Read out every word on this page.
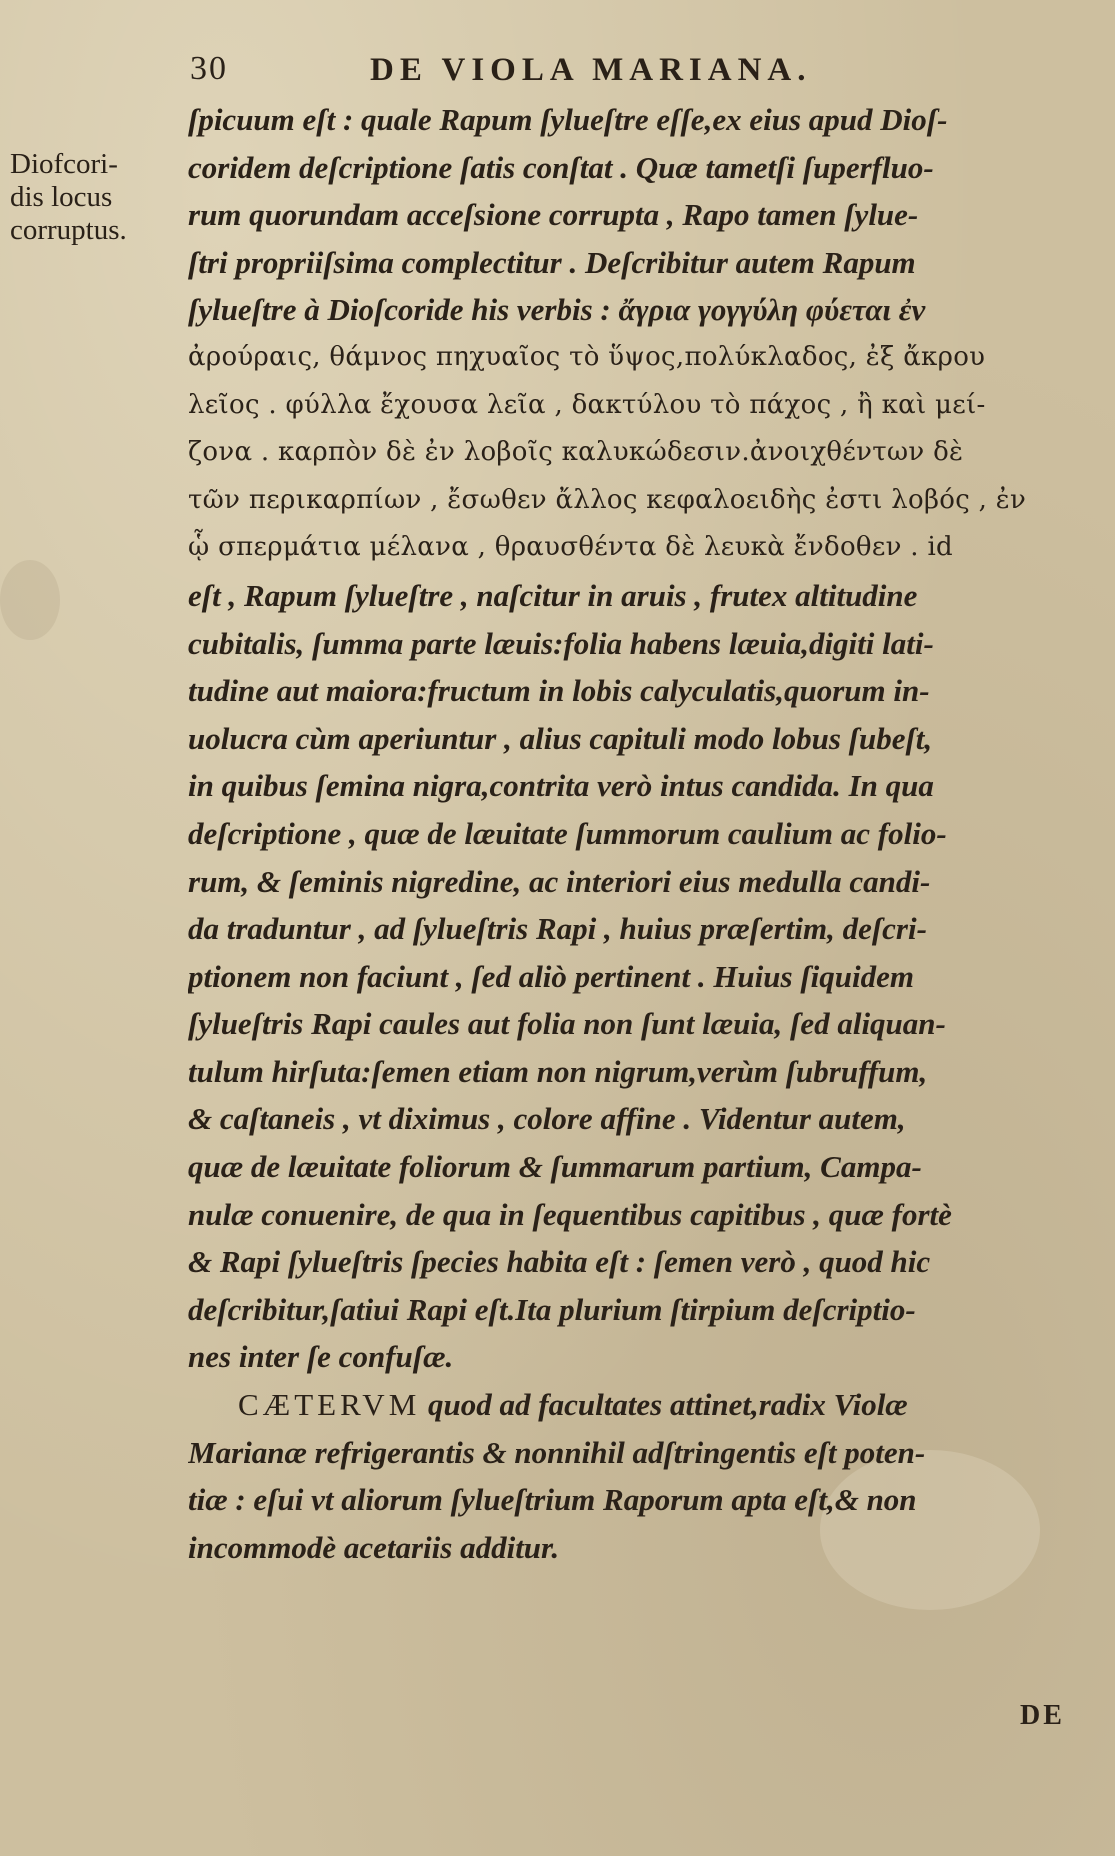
30	DE VIOLA MARIANA.
Diofcori-
dis locus
corruptus.
ſpicuum eſt : quale Rapum ſylueſtre eſſe,ex eius apud Dioſ-
coridem deſcriptione ſatis conſtat . Quæ tametſi ſuperfluo-
rum quorundam acceſsione corrupta , Rapo tamen ſylue-
ſtri propriiſsima complectitur . Deſcribitur autem Rapum
ſylueſtre à Dioſcoride his verbis : ἄγρια γογγύλη φύεται ἐν
ἀρούραις, θάμνος πηχυαῖος τὸ ὕψος,πολύκλαδος, ἐξ ἄκρου
λεῖος . φύλλα ἔχουσα λεῖα , δακτύλου τὸ πάχος , ἢ καὶ μεί-
ζονα . καρπὸν δὲ ἐν λοβοῖς καλυκώδεσιν.ἀνοιχθέντων δὲ
τῶν περικαρπίων , ἔσωθεν ἄλλος κεφαλοειδὴς ἐστι λοβός , ἐν
ᾧ σπερμάτια μέλανα , θραυσθέντα δὲ λευκὰ ἔνδοθεν . id
eſt , Rapum ſylueſtre , naſcitur in aruis , frutex altitudine
cubitalis, ſumma parte læuis:folia habens læuia,digiti lati-
tudine aut maiora:fructum in lobis calyculatis,quorum in-
uolucra cùm aperiuntur , alius capituli modo lobus ſubeſt,
in quibus ſemina nigra,contrita verò intus candida. In qua
deſcriptione , quæ de læuitate ſummorum caulium ac folio-
rum, & ſeminis nigredine, ac interiori eius medulla candi-
da traduntur , ad ſylueſtris Rapi , huius præſertim, deſcri-
ptionem non faciunt , ſed aliò pertinent . Huius ſiquidem
ſylueſtris Rapi caules aut folia non ſunt læuia, ſed aliquan-
tulum hirſuta:ſemen etiam non nigrum,verùm ſubruffum,
& caſtaneis , vt diximus , colore affine . Videntur autem,
quæ de læuitate foliorum & ſummarum partium, Campa-
nulæ conuenire, de qua in ſequentibus capitibus , quæ fortè
& Rapi ſylueſtris ſpecies habita eſt : ſemen verò , quod hic
deſcribitur,ſatiui Rapi eſt.Ita plurium ſtirpium deſcriptio-
nes inter ſe confuſæ.
CÆTERVM quod ad facultates attinet,radix Violæ
Marianæ refrigerantis & nonnihil adſtringentis eſt poten-
tiæ : eſui vt aliorum ſylueſtrium Raporum apta eſt,& non
incommodè acetariis additur.
DE
